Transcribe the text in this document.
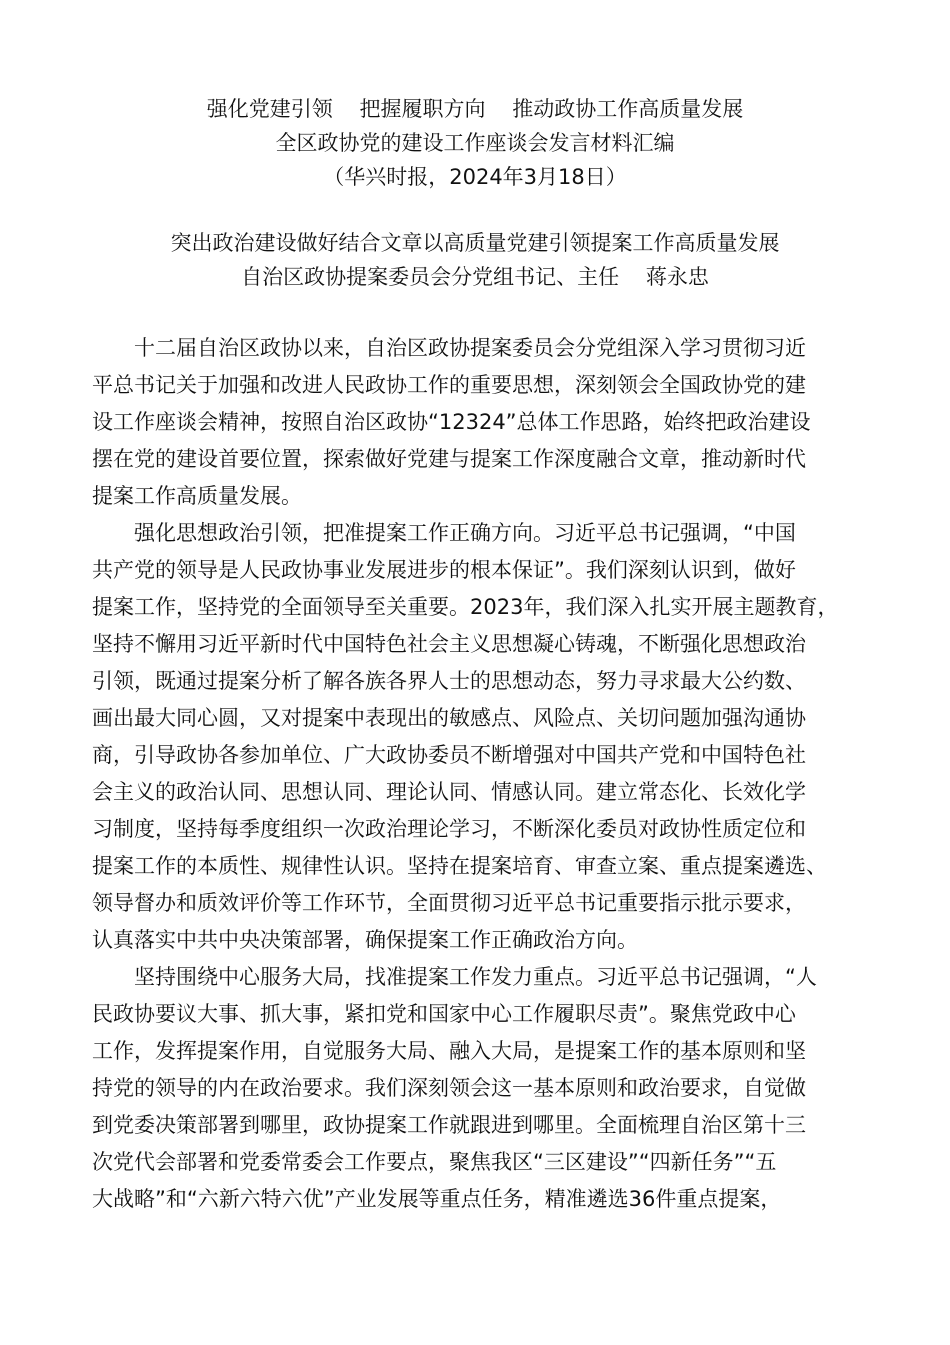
强化党建引领    把握履职方向    推动政协工作高质量发展
全区政协党的建设工作座谈会发言材料汇编
（华兴时报，2024年3月18日）
突出政治建设做好结合文章以高质量党建引领提案工作高质量发展
自治区政协提案委员会分党组书记、主任    蒋永忠
　　十二届自治区政协以来，自治区政协提案委员会分党组深入学习贯彻习近
平总书记关于加强和改进人民政协工作的重要思想，深刻领会全国政协党的建
设工作座谈会精神，按照自治区政协“12324”总体工作思路，始终把政治建设
摆在党的建设首要位置，探索做好党建与提案工作深度融合文章，推动新时代
提案工作高质量发展。
　　强化思想政治引领，把准提案工作正确方向。习近平总书记强调，“中国
共产党的领导是人民政协事业发展进步的根本保证”。我们深刻认识到，做好
提案工作，坚持党的全面领导至关重要。2023年，我们深入扎实开展主题教育，
坚持不懈用习近平新时代中国特色社会主义思想凝心铸魂，不断强化思想政治
引领，既通过提案分析了解各族各界人士的思想动态，努力寻求最大公约数、
画出最大同心圆，又对提案中表现出的敏感点、风险点、关切问题加强沟通协
商，引导政协各参加单位、广大政协委员不断增强对中国共产党和中国特色社
会主义的政治认同、思想认同、理论认同、情感认同。建立常态化、长效化学
习制度，坚持每季度组织一次政治理论学习，不断深化委员对政协性质定位和
提案工作的本质性、规律性认识。坚持在提案培育、审查立案、重点提案遴选、
领导督办和质效评价等工作环节，全面贯彻习近平总书记重要指示批示要求，
认真落实中共中央决策部署，确保提案工作正确政治方向。
　　坚持围绕中心服务大局，找准提案工作发力重点。习近平总书记强调，“人
民政协要议大事、抓大事，紧扣党和国家中心工作履职尽责”。聚焦党政中心
工作，发挥提案作用，自觉服务大局、融入大局，是提案工作的基本原则和坚
持党的领导的内在政治要求。我们深刻领会这一基本原则和政治要求，自觉做
到党委决策部署到哪里，政协提案工作就跟进到哪里。全面梳理自治区第十三
次党代会部署和党委常委会工作要点，聚焦我区“三区建设”“四新任务”“五
大战略”和“六新六特六优”产业发展等重点任务，精准遴选36件重点提案，
